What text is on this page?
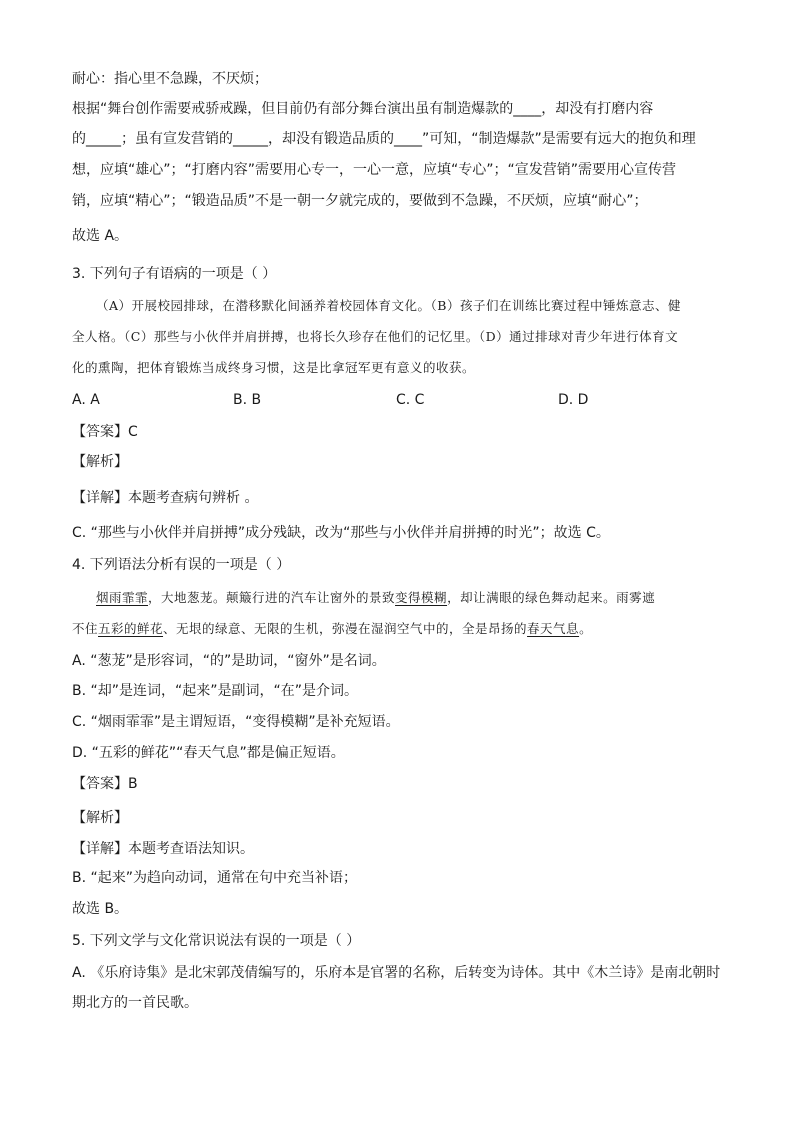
耐心：指心里不急躁，不厌烦；
根据“舞台创作需要戒骄戒躁，但目前仍有部分舞台演出虽有制造爆款的____，却没有打磨内容
的_____；虽有宣发营销的_____，却没有锻造品质的____”可知，“制造爆款”是需要有远大的抱负和理
想，应填“雄心”；“打磨内容”需要用心专一，一心一意，应填“专心”；“宣发营销”需要用心宣传营
销，应填“精心”；“锻造品质”不是一朝一夕就完成的，要做到不急躁，不厌烦，应填“耐心”；
故选 A。
3. 下列句子有语病的一项是（ ）
（A）开展校园排球，在潜移默化间涵养着校园体育文化。（B）孩子们在训练比赛过程中锤炼意志、健
全人格。（C）那些与小伙伴并肩拼搏，也将长久珍存在他们的记忆里。（D）通过排球对青少年进行体育文
化的熏陶，把体育锻炼当成终身习惯，这是比拿冠军更有意义的收获。
A. A	B. B	C. C	D. D
【答案】C
【解析】
【详解】本题考查病句辨析 。
C. “那些与小伙伴并肩拼搏”成分残缺，改为“那些与小伙伴并肩拼搏的时光”；故选 C。
4. 下列语法分析有误的一项是（ ）
烟雨霏霏，大地葱茏。颠簸行进的汽车让窗外的景致变得模糊，却让满眼的绿色舞动起来。雨雾遮
不住五彩的鲜花、无垠的绿意、无限的生机，弥漫在湿润空气中的，全是昂扬的春天气息。
A. “葱茏”是形容词，“的”是助词，“窗外”是名词。
B. “却”是连词，“起来”是副词，“在”是介词。
C. “烟雨霏霏”是主谓短语，“变得模糊”是补充短语。
D. “五彩的鲜花”“春天气息”都是偏正短语。
【答案】B
【解析】
【详解】本题考查语法知识。
B. “起来”为趋向动词，通常在句中充当补语；
故选 B。
5. 下列文学与文化常识说法有误的一项是（ ）
A. 《乐府诗集》是北宋郭茂倩编写的，乐府本是官署的名称，后转变为诗体。其中《木兰诗》是南北朝时
期北方的一首民歌。
